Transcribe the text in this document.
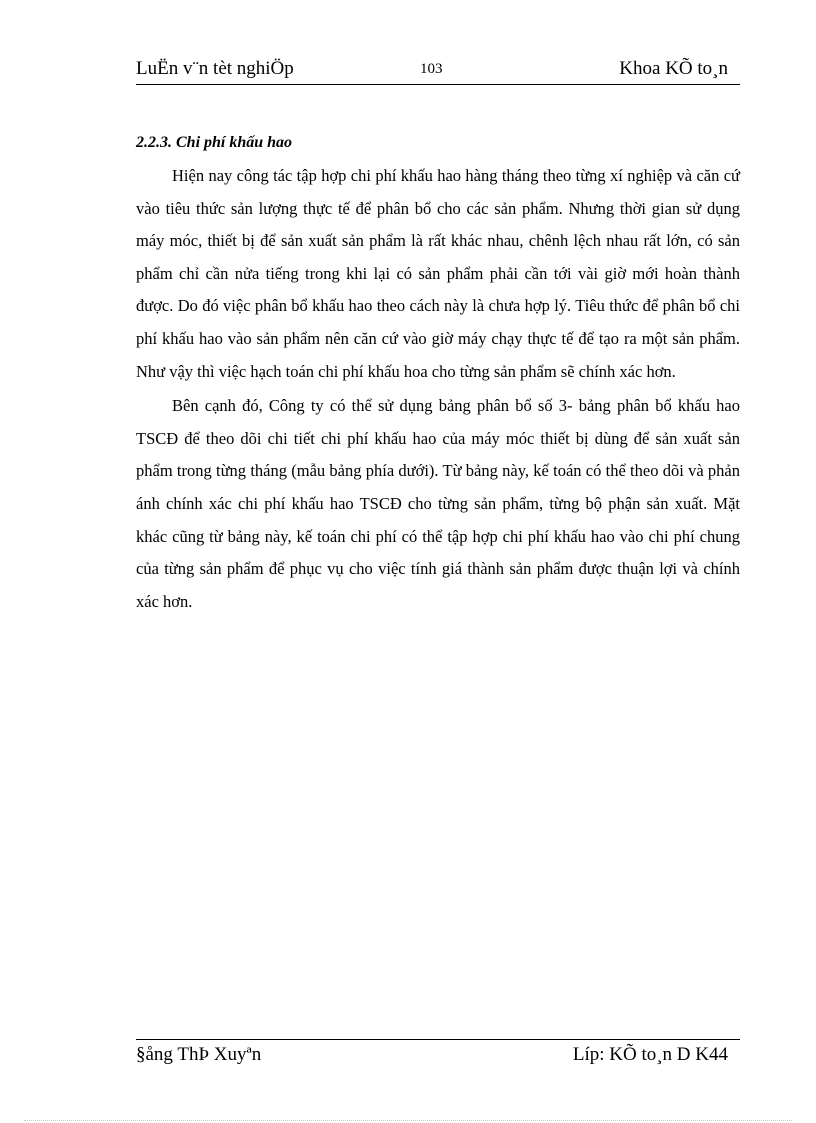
LuËn v¨n tèt nghiÖp	103	Khoa KÕ to¸n
2.2.3. Chi phí khấu hao

Hiện nay công tác tập hợp chi phí khấu hao hàng tháng theo từng xí nghiệp và căn cứ vào tiêu thức sản lượng thực tế để phân bổ cho các sản phẩm. Nhưng thời gian sử dụng máy móc, thiết bị để sản xuất sản phẩm là rất khác nhau, chênh lệch nhau rất lớn, có sản phẩm chỉ cần nửa tiếng trong khi lại có sản phẩm phải cần tới vài giờ mới hoàn thành được. Do đó việc phân bổ khấu hao theo cách này là chưa hợp lý. Tiêu thức để phân bổ chi phí khấu hao vào sản phẩm nên căn cứ vào giờ máy chạy thực tế để tạo ra một sản phẩm. Như vậy thì việc hạch toán chi phí khấu hoa cho từng sản phẩm sẽ chính xác hơn.

Bên cạnh đó, Công ty có thể sử dụng bảng phân bổ số 3- bảng phân bổ khấu hao TSCĐ để theo dõi chi tiết chi phí khấu hao của máy móc thiết bị dùng để sản xuất sản phẩm trong từng tháng (mẫu bảng phía dưới). Từ bảng này, kế toán có thể theo dõi và phản ánh chính xác chi phí khấu hao TSCĐ cho từng sản phẩm, từng bộ phận sản xuất. Mặt khác cũng từ bảng này, kế toán chi phí có thể tập hợp chi phí khấu hao vào chi phí chung của từng sản phẩm để phục vụ cho việc tính giá thành sản phẩm được thuận lợi và chính xác hơn.

§ång ThÞ Xuyªn	Líp: KÕ to¸n D K44
